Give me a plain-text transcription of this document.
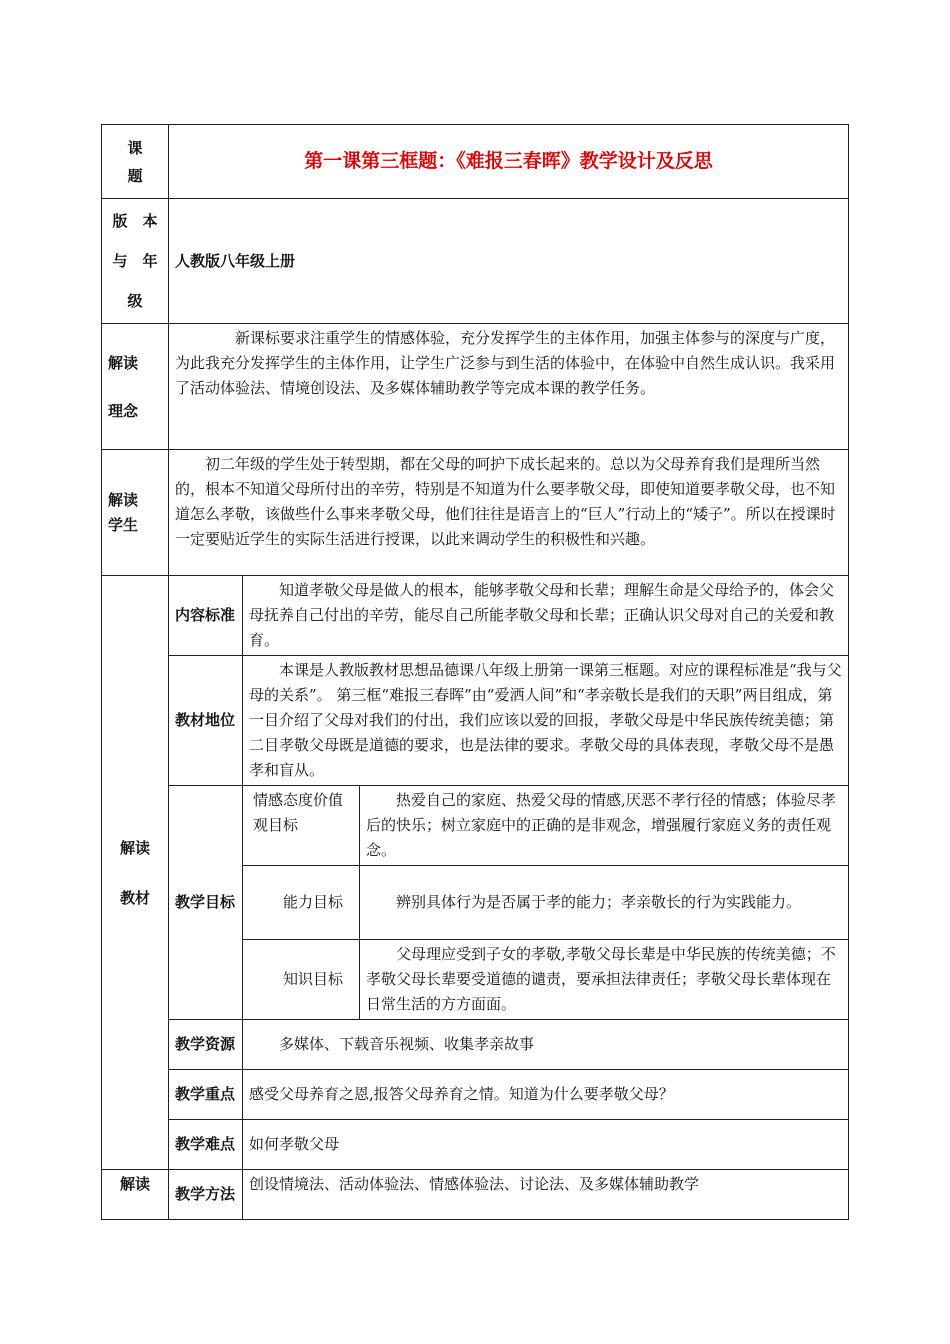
课
题	第一课第三框题：《难报三春晖》教学设计及反思		

版　本
与　年
级	人教版八年级上册		

解读
理念	新课标要求注重学生的情感体验，充分发挥学生的主体作用，加强主体参与的深度与广度，为此我充分发挥学生的主体作用，让学生广泛参与到生活的体验中，在体验中自然生成认识。我采用了活动体验法、情境创设法、及多媒体辅助教学等完成本课的教学任务。		

解读
学生	初二年级的学生处于转型期，都在父母的呵护下成长起来的。总以为父母养育我们是理所当然的，根本不知道父母所付出的辛劳，特别是不知道为什么要孝敬父母，即使知道要孝敬父母，也不知道怎么孝敬，该做些什么事来孝敬父母，他们往往是语言上的“巨人”行动上的“矮子”。所以在授课时一定要贴近学生的实际生活进行授课，以此来调动学生的积极性和兴趣。		

解读
教材	内容标准	知道孝敬父母是做人的根本，能够孝敬父母和长辈；理解生命是父母给予的，体会父母抚养自己付出的辛劳，能尽自己所能孝敬父母和长辈；正确认识父母对自己的关爱和教育。	
	教材地位	本课是人教版教材思想品德课八年级上册第一课第三框题。对应的课程标准是“我与父母的关系”。 第三框“难报三春晖”由“爱洒人间”和“孝亲敬长是我们的天职”两目组成，第一目介绍了父母对我们的付出，我们应该以爱的回报，孝敬父母是中华民族传统美德；第二目孝敬父母既是道德的要求，也是法律的要求。孝敬父母的具体表现，孝敬父母不是愚孝和盲从。	
	教学目标	情感态度价值观目标	热爱自己的家庭、热爱父母的情感,厌恶不孝行径的情感；体验尽孝后的快乐；树立家庭中的正确的是非观念，增强履行家庭义务的责任观念。
		能力目标	辨别具体行为是否属于孝的能力；孝亲敬长的行为实践能力。
		知识目标	父母理应受到子女的孝敬,孝敬父母长辈是中华民族的传统美德；不孝敬父母长辈要受道德的谴责，要承担法律责任；孝敬父母长辈体现在日常生活的方方面面。
	教学资源	多媒体、下载音乐视频、收集孝亲故事	
	教学重点	感受父母养育之恩,报答父母养育之情。知道为什么要孝敬父母？	
	教学难点	如何孝敬父母	
解读	教学方法	创设情境法、活动体验法、情感体验法、讨论法、及多媒体辅助教学	
